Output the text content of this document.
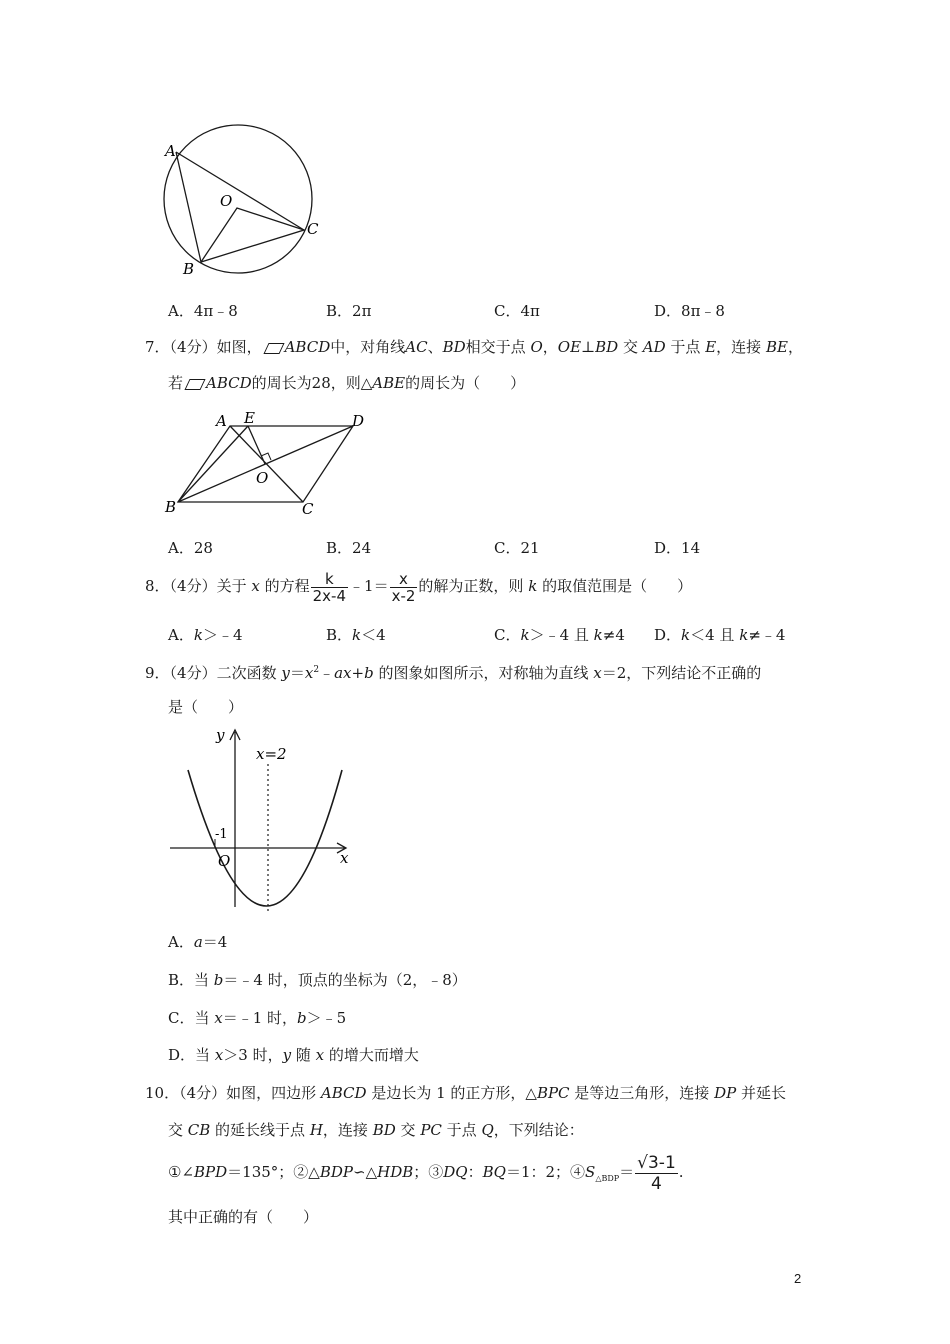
A
O
C
B
A．4π﹣8	B．2π	C．4π	D．8π﹣8
7．（4分）如图， ABCD中，对角线AC、BD相交于点 O，OE⊥BD 交 AD 于点 E，连接 BE，
若 ABCD的周长为28，则△ABE的周长为（　　）
A E	D
O
B	C
A．28	B．24	C．21	D．14
8．（4分）关于 x 的方程 $\frac{k}{2x-4}$ ﹣1＝ $\frac{x}{x-2}$ 的解为正数，则 k 的取值范围是（　　）
A．k＞﹣4	B．k＜4	C．k＞﹣4 且 k≠4 D．k＜4 且 k≠﹣4
9．（4分）二次函数 $y=x^2﹣ax+b$ 的图象如图所示，对称轴为直线 x＝2，下列结论不正确的
是（　　）
y
x
x=2
-1
O
A．a＝4
B．当 b＝﹣4 时，顶点的坐标为（2，﹣8）
C．当 x＝﹣1 时，b＞﹣5
D．当 x＞3 时，y 随 x 的增大而增大
10．（4分）如图，四边形 ABCD 是边长为 1 的正方形，△BPC 是等边三角形，连接 DP 并延长
交 CB 的延长线于点 H，连接 BD 交 PC 于点 Q，下列结论：
①∠BPD＝135°；②△BDP∽△HDB；③DQ：BQ＝1：2；$④S_{\triangle BDP}= \frac{√3-1}{4}$ .
其中正确的有（　　）
2
